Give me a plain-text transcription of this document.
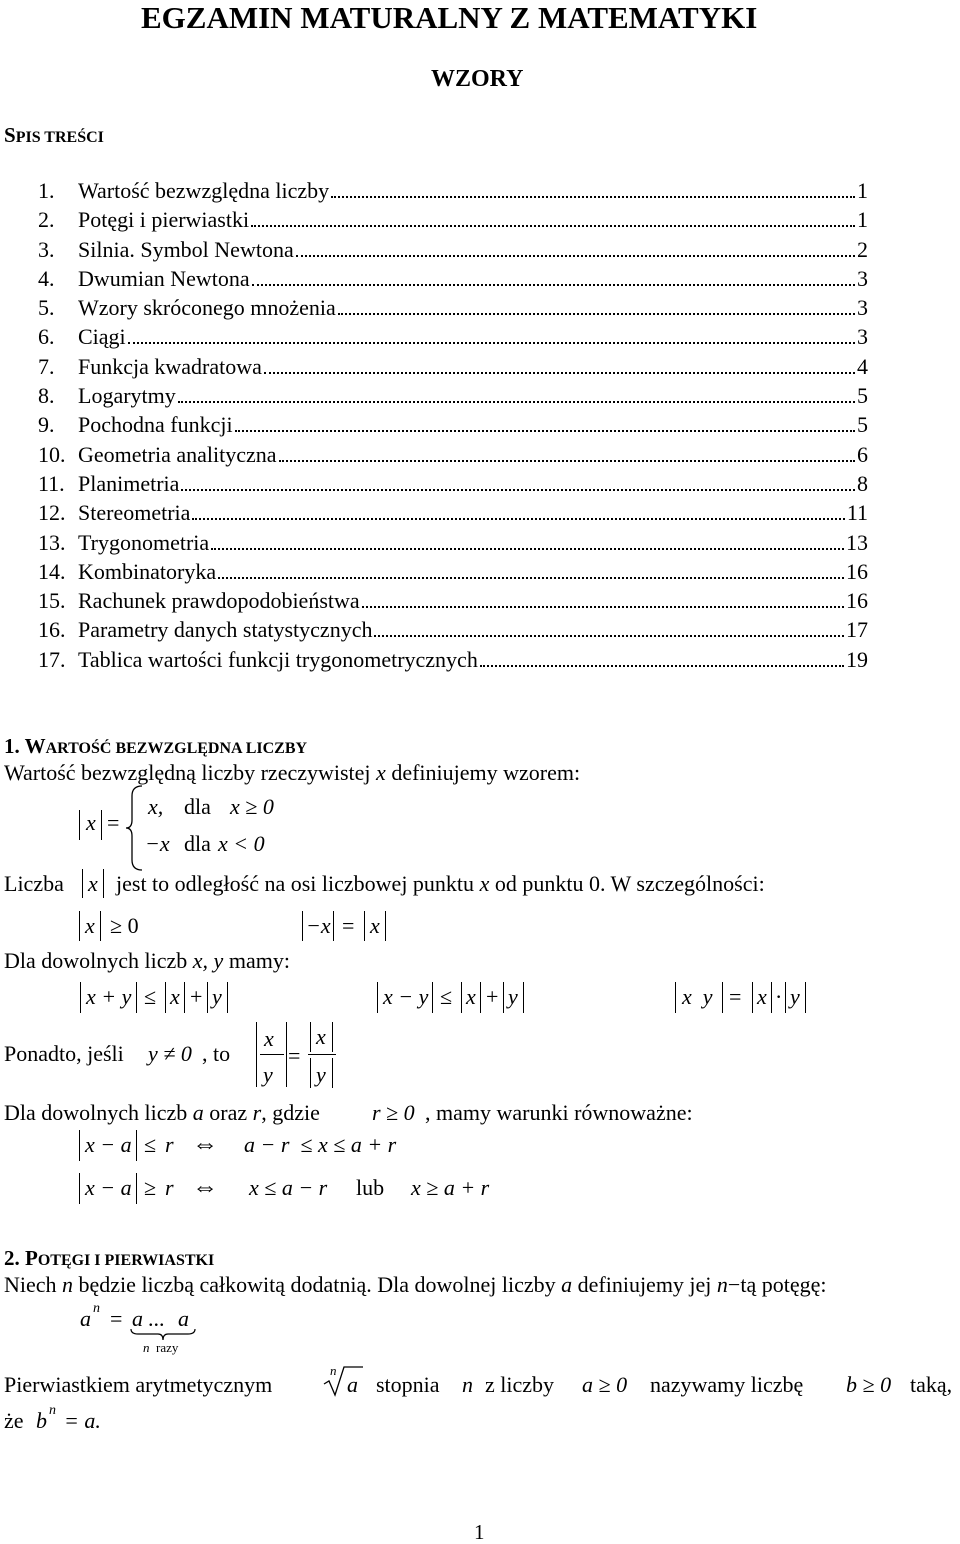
EGZAMIN MATURALNY Z MATEMATYKI
WZORY
SPIS TREŚCI
1.	Wartość bezwzględna liczby	1
2.	Potęgi i pierwiastki	1
3.	Silnia. Symbol Newtona	2
4.	Dwumian Newtona	3
5.	Wzory skróconego mnożenia	3
6.	Ciągi	3
7.	Funkcja kwadratowa	4
8.	Logarytmy	5
9.	Pochodna funkcji	5
10. Geometria analityczna	6
11. Planimetria	8
12. Stereometria	11
13. Trygonometria	13
14. Kombinatoryka	16
15. Rachunek prawdopodobieństwa	16
16. Parametry danych statystycznych	17
17. Tablica wartości funkcji trygonometrycznych	19
1. WARTOŚĆ BEZWZGLĘDNA LICZBY
Wartość bezwzględną liczby rzeczywistej x definiujemy wzorem:
x =
x, dla x ≥ 0
−x dla x < 0
Liczba x jest to odległość na osi liczbowej punktu x od punktu 0. W szczególności:
x ≥ 0	−x = x
Dla dowolnych liczb x, y mamy:
x + y ≤ x + y	x − y ≤ x + y	x  y = x · y
Ponadto, jeśli y ≠ 0 , to
x
y
=
x
y
Dla dowolnych liczb a oraz r, gdzie r ≥ 0 , mamy warunki równoważne:
x − a ≤ r ⇔ a − r  ≤ x ≤ a + r
x − a ≥ r ⇔ x ≤ a − r lub x ≥ a + r
2. POTĘGI I PIERWIASTKI
Niech n będzie liczbą całkowitą dodatnią. Dla dowolnej liczby a definiujemy jej n−tą potęgę:
a n = a ... a
n razy
Pierwiastkiem arytmetycznym
n
a stopnia n z liczby a ≥ 0 nazywamy liczbę b ≥ 0 taką,
że b n = a.
1
